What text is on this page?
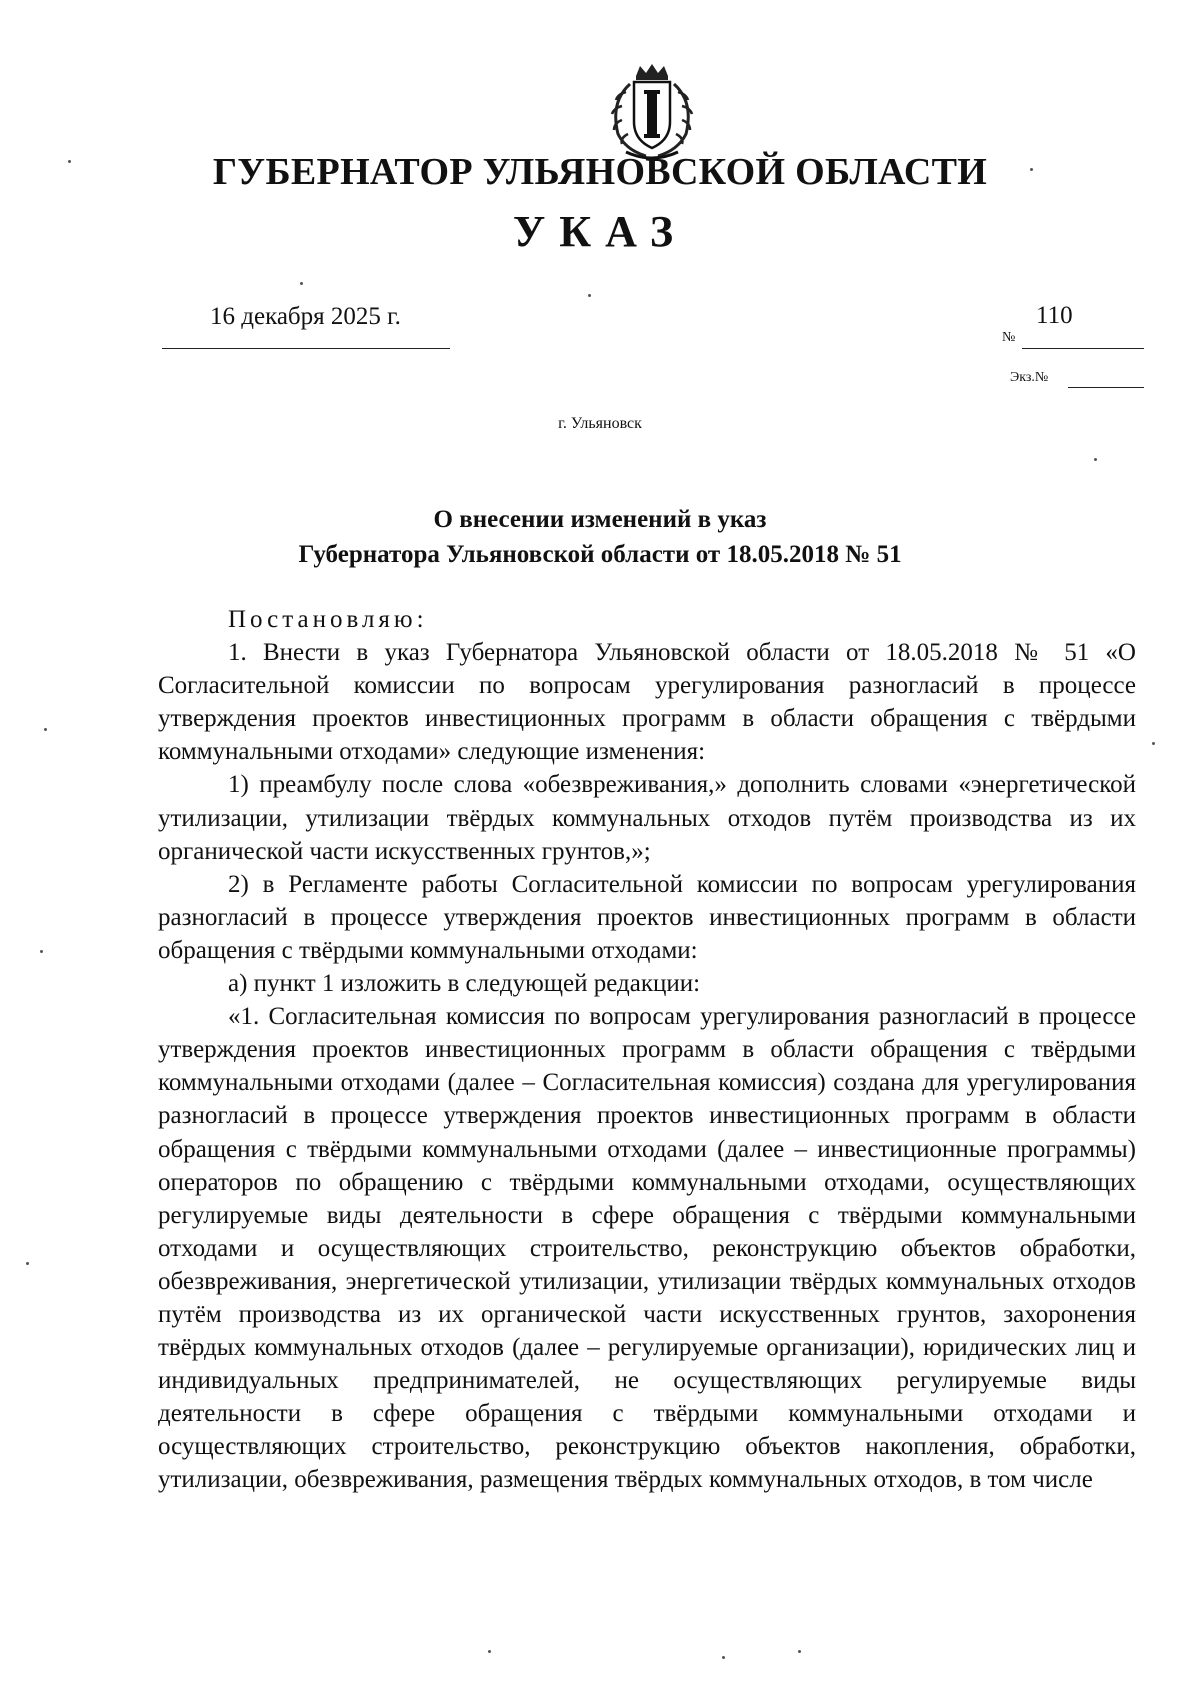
ГУБЕРНАТОР УЛЬЯНОВСКОЙ ОБЛАСТИ
УКАЗ
16 декабря 2025 г.	110
№
Экз.№
г. Ульяновск
О внесении изменений в указ
Губернатора Ульяновской области от 18.05.2018 № 51

Постановляю:

1. Внести в указ Губернатора Ульяновской области от 18.05.2018 № 51 «О Согласительной комиссии по вопросам урегулирования разногласий в процессе утверждения проектов инвестиционных программ в области обращения с твёрдыми коммунальными отходами» следующие изменения:

1) преамбулу после слова «обезвреживания,» дополнить словами «энергетической утилизации, утилизации твёрдых коммунальных отходов путём производства из их органической части искусственных грунтов,»;

2) в Регламенте работы Согласительной комиссии по вопросам урегулирования разногласий в процессе утверждения проектов инвестиционных программ в области обращения с твёрдыми коммунальными отходами:

а) пункт 1 изложить в следующей редакции:

«1. Согласительная комиссия по вопросам урегулирования разногласий в процессе утверждения проектов инвестиционных программ в области обращения с твёрдыми коммунальными отходами (далее – Согласительная комиссия) создана для урегулирования разногласий в процессе утверждения проектов инвестиционных программ в области обращения с твёрдыми коммунальными отходами (далее – инвестиционные программы) операторов по обращению с твёрдыми коммунальными отходами, осуществляющих регулируемые виды деятельности в сфере обращения с твёрдыми коммунальными отходами и осуществляющих строительство, реконструкцию объектов обработки, обезвреживания, энергетической утилизации, утилизации твёрдых коммунальных отходов путём производства из их органической части искусственных грунтов, захоронения твёрдых коммунальных отходов (далее – регулируемые организации), юридических лиц и индивидуальных предпринимателей, не осуществляющих регулируемые виды деятельности в сфере обращения с твёрдыми коммунальными отходами и осуществляющих строительство, реконструкцию объектов накопления, обработки, утилизации, обезвреживания, размещения твёрдых коммунальных отходов, в том числе
